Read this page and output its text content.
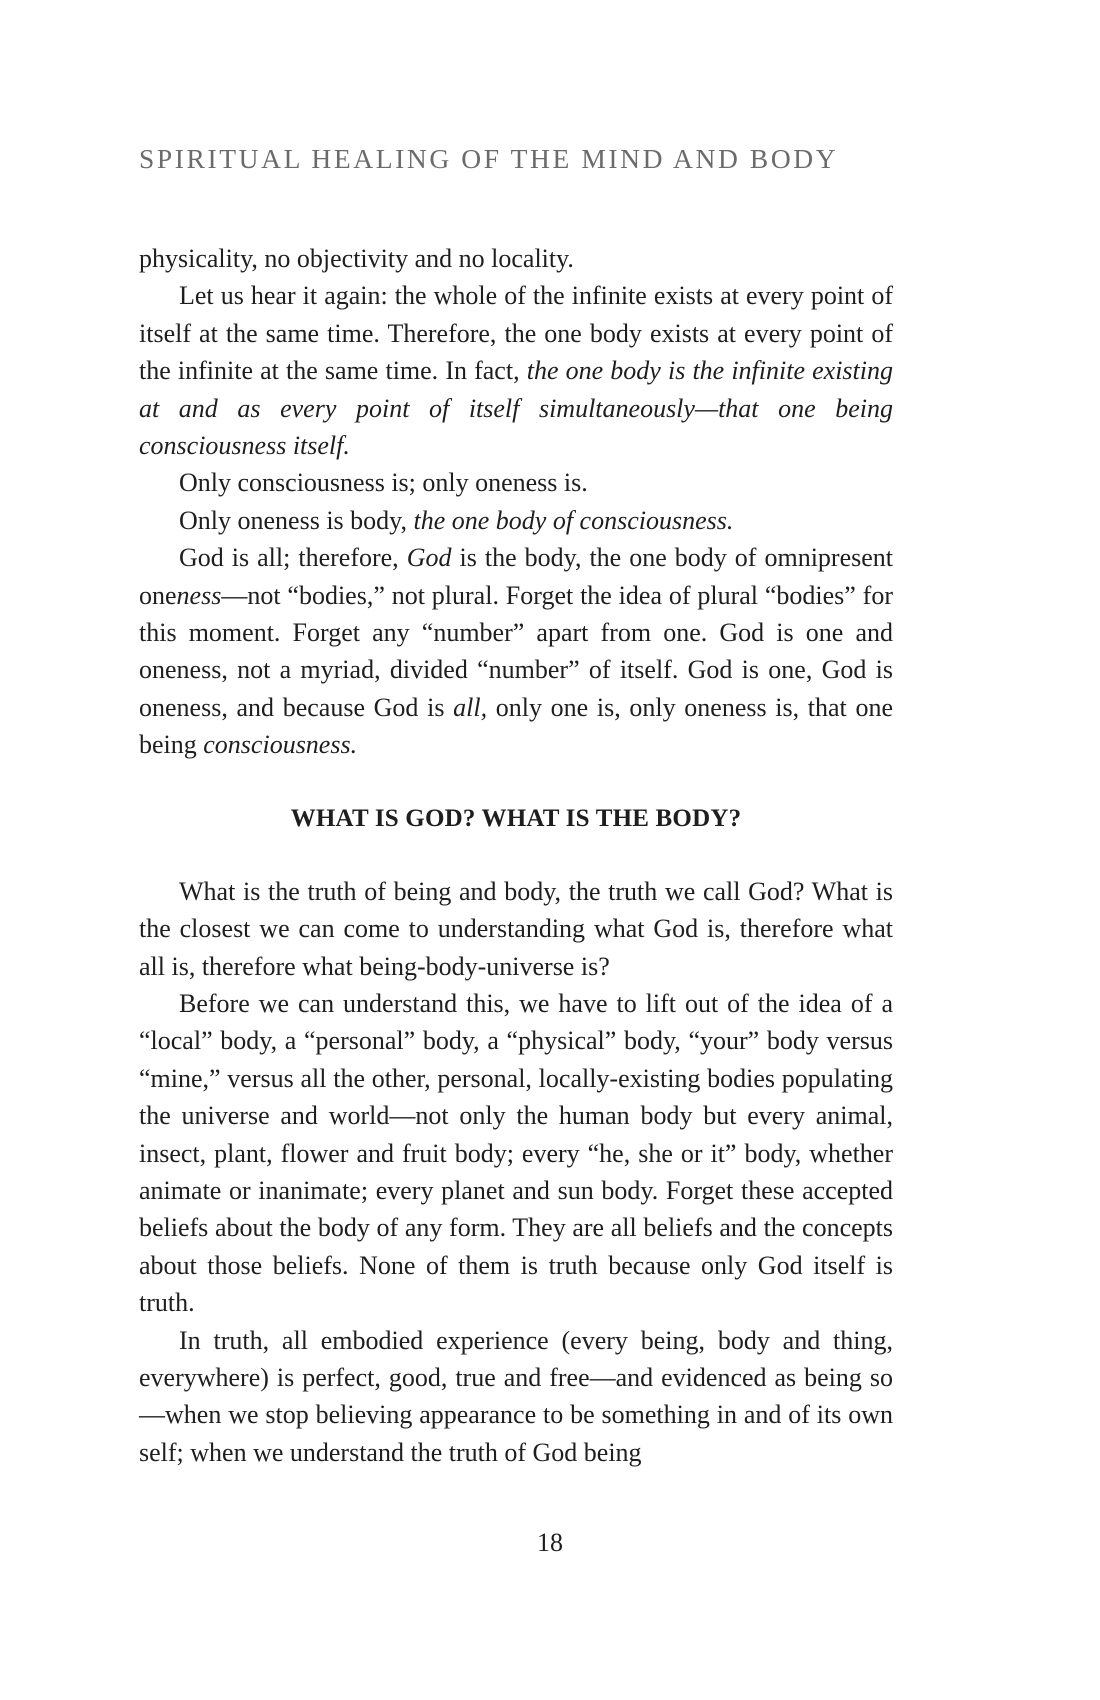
SPIRITUAL HEALING OF THE MIND AND BODY

physicality, no objectivity and no locality.

Let us hear it again: the whole of the infinite exists at every point of itself at the same time. Therefore, the one body exists at every point of the infinite at the same time. In fact, the one body is the infinite existing at and as every point of itself simultaneously—that one being consciousness itself.

Only consciousness is; only oneness is.

Only oneness is body, the one body of consciousness.

God is all; therefore, God is the body, the one body of omnipresent oneness—not “bodies,” not plural. Forget the idea of plural “bodies” for this moment. Forget any “number” apart from one. God is one and oneness, not a myriad, divided “number” of itself. God is one, God is oneness, and because God is all, only one is, only oneness is, that one being consciousness.

WHAT IS GOD? WHAT IS THE BODY?

What is the truth of being and body, the truth we call God? What is the closest we can come to understanding what God is, therefore what all is, therefore what being-body-universe is?

Before we can understand this, we have to lift out of the idea of a “local” body, a “personal” body, a “physical” body, “your” body versus “mine,” versus all the other, personal, locally-existing bodies populating the universe and world—not only the human body but every animal, insect, plant, flower and fruit body; every “he, she or it” body, whether animate or inanimate; every planet and sun body. Forget these accepted beliefs about the body of any form. They are all beliefs and the concepts about those beliefs. None of them is truth because only God itself is truth.

In truth, all embodied experience (every being, body and thing, everywhere) is perfect, good, true and free—and evidenced as being so—when we stop believing appearance to be something in and of its own self; when we understand the truth of God being

18
